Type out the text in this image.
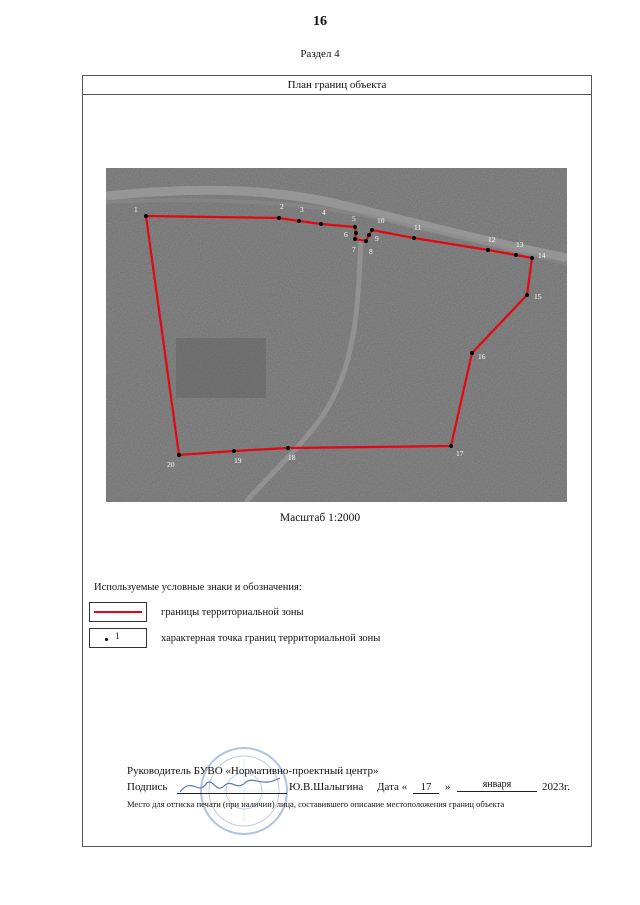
16
Раздел 4
План границ объекта
1	2 3 4
5
6
7 8
9
10
11
12
13
14
15
16
17
18
19
20
Масштаб 1:2000
Используемые условные знаки и обозначения:
границы территориальной зоны
1	характерная точка границ территориальной зоны
Руководитель БУВО «Нормативно-проектный центр»
Подпись	Ю.В.Шалыгина Дата «	17	»	января	2023г.
Место для оттиска печати (при наличии) лица, составившего описание местоположения границ объекта
